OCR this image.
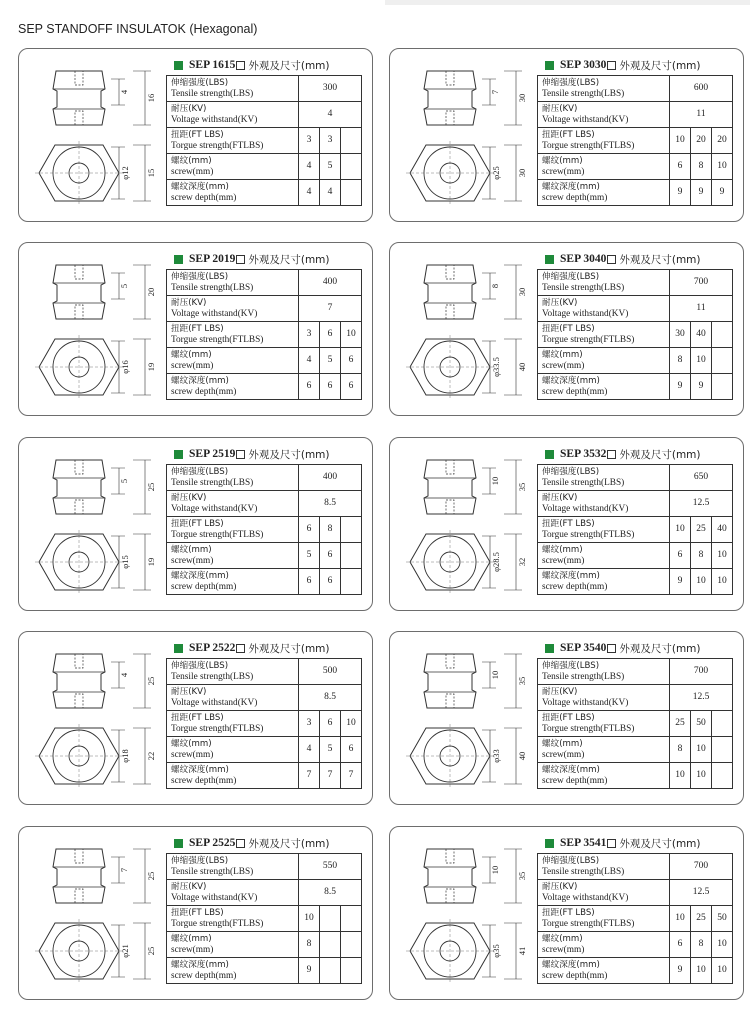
SEP STANDOFF INSULATOK (Hexagonal)
4
16
φ12 15
SEP 1615 外观及尺寸(mm)
伸缩强度(LBS)
Tensile strength(LBS)	300		
耐压(KV)
Voltage withstand(KV)	4		
扭距(FT LBS)
Torgue strength(FTLBS)	3	3	
螺纹(mm)
screw(mm)	4	5	
螺纹深度(mm)
screw depth(mm)	4	4	
7
30
φ25 30
SEP 3030 外观及尺寸(mm)
伸缩强度(LBS)
Tensile strength(LBS)	600		
耐压(KV)
Voltage withstand(KV)	11		
扭距(FT LBS)
Torgue strength(FTLBS)	10	20	20
螺纹(mm)
screw(mm)	6	8	10
螺纹深度(mm)
screw depth(mm)	9	9	9
5
20
φ16 19
SEP 2019 外观及尺寸(mm)
伸缩强度(LBS)
Tensile strength(LBS)	400		
耐压(KV)
Voltage withstand(KV)	7		
扭距(FT LBS)
Torgue strength(FTLBS)	3	6	10
螺纹(mm)
screw(mm)	4	5	6
螺纹深度(mm)
screw depth(mm)	6	6	6
8
30
φ33.5 40
SEP 3040 外观及尺寸(mm)
伸缩强度(LBS)
Tensile strength(LBS)	700		
耐压(KV)
Voltage withstand(KV)	11		
扭距(FT LBS)
Torgue strength(FTLBS)	30	40	
螺纹(mm)
screw(mm)	8	10	
螺纹深度(mm)
screw depth(mm)	9	9	
5
25
φ15 19
SEP 2519 外观及尺寸(mm)
伸缩强度(LBS)
Tensile strength(LBS)	400		
耐压(KV)
Voltage withstand(KV)	8.5		
扭距(FT LBS)
Torgue strength(FTLBS)	6	8	
螺纹(mm)
screw(mm)	5	6	
螺纹深度(mm)
screw depth(mm)	6	6	
10
35
φ28.5 32
SEP 3532 外观及尺寸(mm)
伸缩强度(LBS)
Tensile strength(LBS)	650		
耐压(KV)
Voltage withstand(KV)	12.5		
扭距(FT LBS)
Torgue strength(FTLBS)	10	25	40
螺纹(mm)
screw(mm)	6	8	10
螺纹深度(mm)
screw depth(mm)	9	10	10
4
25
φ18 22
SEP 2522 外观及尺寸(mm)
伸缩强度(LBS)
Tensile strength(LBS)	500		
耐压(KV)
Voltage withstand(KV)	8.5		
扭距(FT LBS)
Torgue strength(FTLBS)	3	6	10
螺纹(mm)
screw(mm)	4	5	6
螺纹深度(mm)
screw depth(mm)	7	7	7
10
35
φ33 40
SEP 3540 外观及尺寸(mm)
伸缩强度(LBS)
Tensile strength(LBS)	700		
耐压(KV)
Voltage withstand(KV)	12.5		
扭距(FT LBS)
Torgue strength(FTLBS)	25	50	
螺纹(mm)
screw(mm)	8	10	
螺纹深度(mm)
screw depth(mm)	10	10	
7
25
φ21 25
SEP 2525 外观及尺寸(mm)
伸缩强度(LBS)
Tensile strength(LBS)	550		
耐压(KV)
Voltage withstand(KV)	8.5		
扭距(FT LBS)
Torgue strength(FTLBS)	10		
螺纹(mm)
screw(mm)	8		
螺纹深度(mm)
screw depth(mm)	9		
10
35
φ35 41
SEP 3541 外观及尺寸(mm)
伸缩强度(LBS)
Tensile strength(LBS)	700		
耐压(KV)
Voltage withstand(KV)	12.5		
扭距(FT LBS)
Torgue strength(FTLBS)	10	25	50
螺纹(mm)
screw(mm)	6	8	10
螺纹深度(mm)
screw depth(mm)	9	10	10
